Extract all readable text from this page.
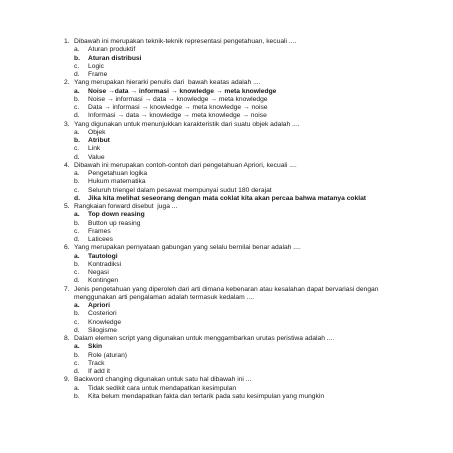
1. Dibawah ini merupakan teknik-teknik representasi pengetahuan, kecuali ....
a.	Aturan produktif
b.	Aturan distribusi
c.	Logic
d.	Frame
2. Yang merupakan hierarki penulis dari  bawah keatas adalah ....
a.	Noise →data → informasi → knowledge → meta knowledge
b.	Noise → informasi → data → knowledge → meta knowledge
c.	Data → informasi → knowledge → meta knowledge → noise
d.	Informasi → data → knowledge → meta knowledge → noise
3. Yang digunakan untuk menunjukkan karakteristik dari suatu objek adalah ....
a.	Objek
b.	Atribut
c.	Link
d.	Value
4. Dibawah ini merupakan contoh-contoh dari pengetahuan Apriori, kecuali ....
a.	Pengetahuan logika
b.	Hukum matematika
c.	Seluruh triengel dalam pesawat mempunyai sudut 180 derajat
d.	Jika kita melihat seseorang dengan mata coklat kita akan percaa bahwa matanya coklat
5. Rangkaian forward disebut  juga ...
a.	Top down reasing
b.	Button up reasing
c.	Frames
d.	Laticees
6. Yang merupakan pernyataan gabungan yang selalu bernilai benar adalah ....
a.	Tautologi
b.	Kontradiksi
c.	Negasi
d.	Kontingen
7. Jenis pengetahuan yang diperoleh dari arti dimana kebenaran atau kesalahan dapat bervariasi dengan menggunakan arti pengalaman adalah termasuk kedalam ....
a.	Apriori
b.	Costeriori
c.	Knowledge
d.	Silogisme
8. Dalam elemen script yang digunakan untuk menggambarkan urutas peristiwa adalah ....
a.	Skin
b.	Role (aturan)
c.	Track
d.	If add it
9. Backword changing digunakan untuk satu hal dibawah ini ...
a.	Tidak sedikit cara untuk mendapatkan kesimpulan
b.	Kita belum mendapatkan fakta dan tertarik pada satu kesimpulan yang mungkin
